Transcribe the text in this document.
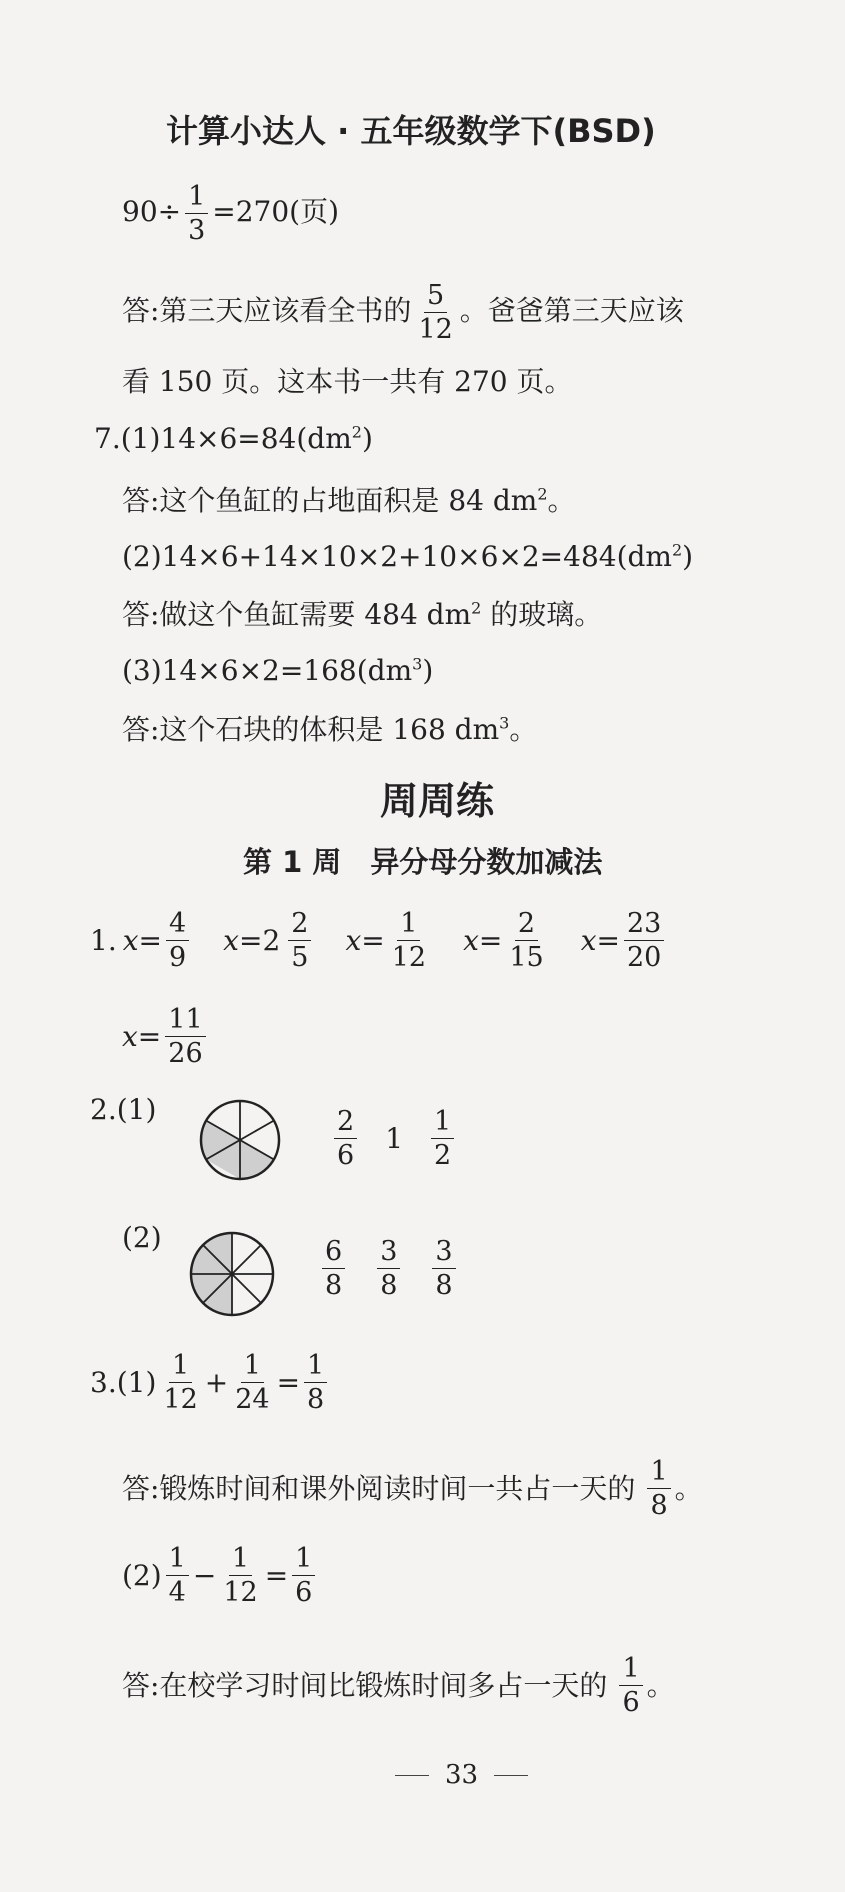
计算小达人 · 五年级数学下(BSD)
$90\div \frac{1}{3} =270$(页)
答:第三天应该看全书的 $\frac{5}{12}$ 。爸爸第三天应该
看 150 页。这本书一共有 270 页。
$7.(1)14\times 6=84(dm^2)$
答:这个鱼缸的占地面积是 84 $dm^2$。
$(2)14\times 6+14\times 10\times 2+10\times 6\times 2=484(dm^2)$
答:做这个鱼缸需要 484 $dm^2$ 的玻璃。
$(3)14\times 6\times 2=168(dm^3)$
答:这个石块的体积是 168 $dm^3$。
周周练
第 1 周　异分母分数加减法
1. $x= \frac{4}{9} x= 2 \frac{2}{5} x= \frac{1}{12} x= \frac{2}{15} x= \frac{23}{20}$
$x= \frac{11}{26}$
2.(1)	$\frac{2}{6} 1 \frac{1}{2}$
(2)
$\frac{6}{8} \frac{3}{8} \frac{3}{8}$
$3.(1) \frac{1}{12} + \frac{1}{24} = \frac{1}{8}$
答:锻炼时间和课外阅读时间一共占一天的 $\frac{1}{8}$ 。
$(2) \frac{1}{4} - \frac{1}{12} = \frac{1}{6}$
答:在校学习时间比锻炼时间多占一天的 $\frac{1}{6}$ 。
33
